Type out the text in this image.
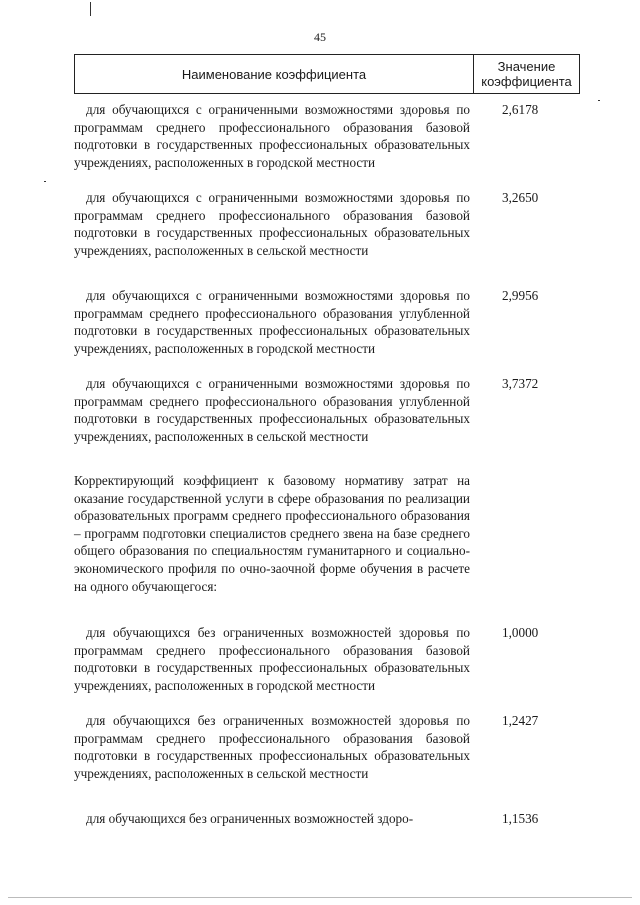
45
Наименование коэффициента	Значение
коэффициента
для обучающихся с ограниченными возможностями здоровья по программам среднего профессионального образования базовой подготовки в государственных профессиональных образовательных учреждениях, расположенных в городской местности
2,6178
для обучающихся с ограниченными возможностями здоровья по программам среднего профессионального образования базовой подготовки в государственных профессиональных образовательных учреждениях, расположенных в сельской местности
3,2650
для обучающихся с ограниченными возможностями здоровья по программам среднего профессионального образования углубленной подготовки в государственных профессиональных образовательных учреждениях, расположенных в городской местности
2,9956
для обучающихся с ограниченными возможностями здоровья по программам среднего профессионального образования углубленной подготовки в государственных профессиональных образовательных учреждениях, расположенных в сельской местности
3,7372
Корректирующий коэффициент к базовому нормативу затрат на оказание государственной услуги в сфере образования по реализации образовательных программ среднего профессионального образования – программ подготовки специалистов среднего звена на базе среднего общего образования по специальностям гуманитарного и социально-экономического профиля по очно-заочной форме обучения в расчете на одного обучающегося:
для обучающихся без ограниченных возможностей здоровья по программам среднего профессионального образования базовой подготовки в государственных профессиональных образовательных учреждениях, расположенных в городской местности
1,0000
для обучающихся без ограниченных возможностей здоровья по программам среднего профессионального образования базовой подготовки в государственных профессиональных образовательных учреждениях, расположенных в сельской местности
1,2427
для обучающихся без ограниченных возможностей здоро-	1,1536
